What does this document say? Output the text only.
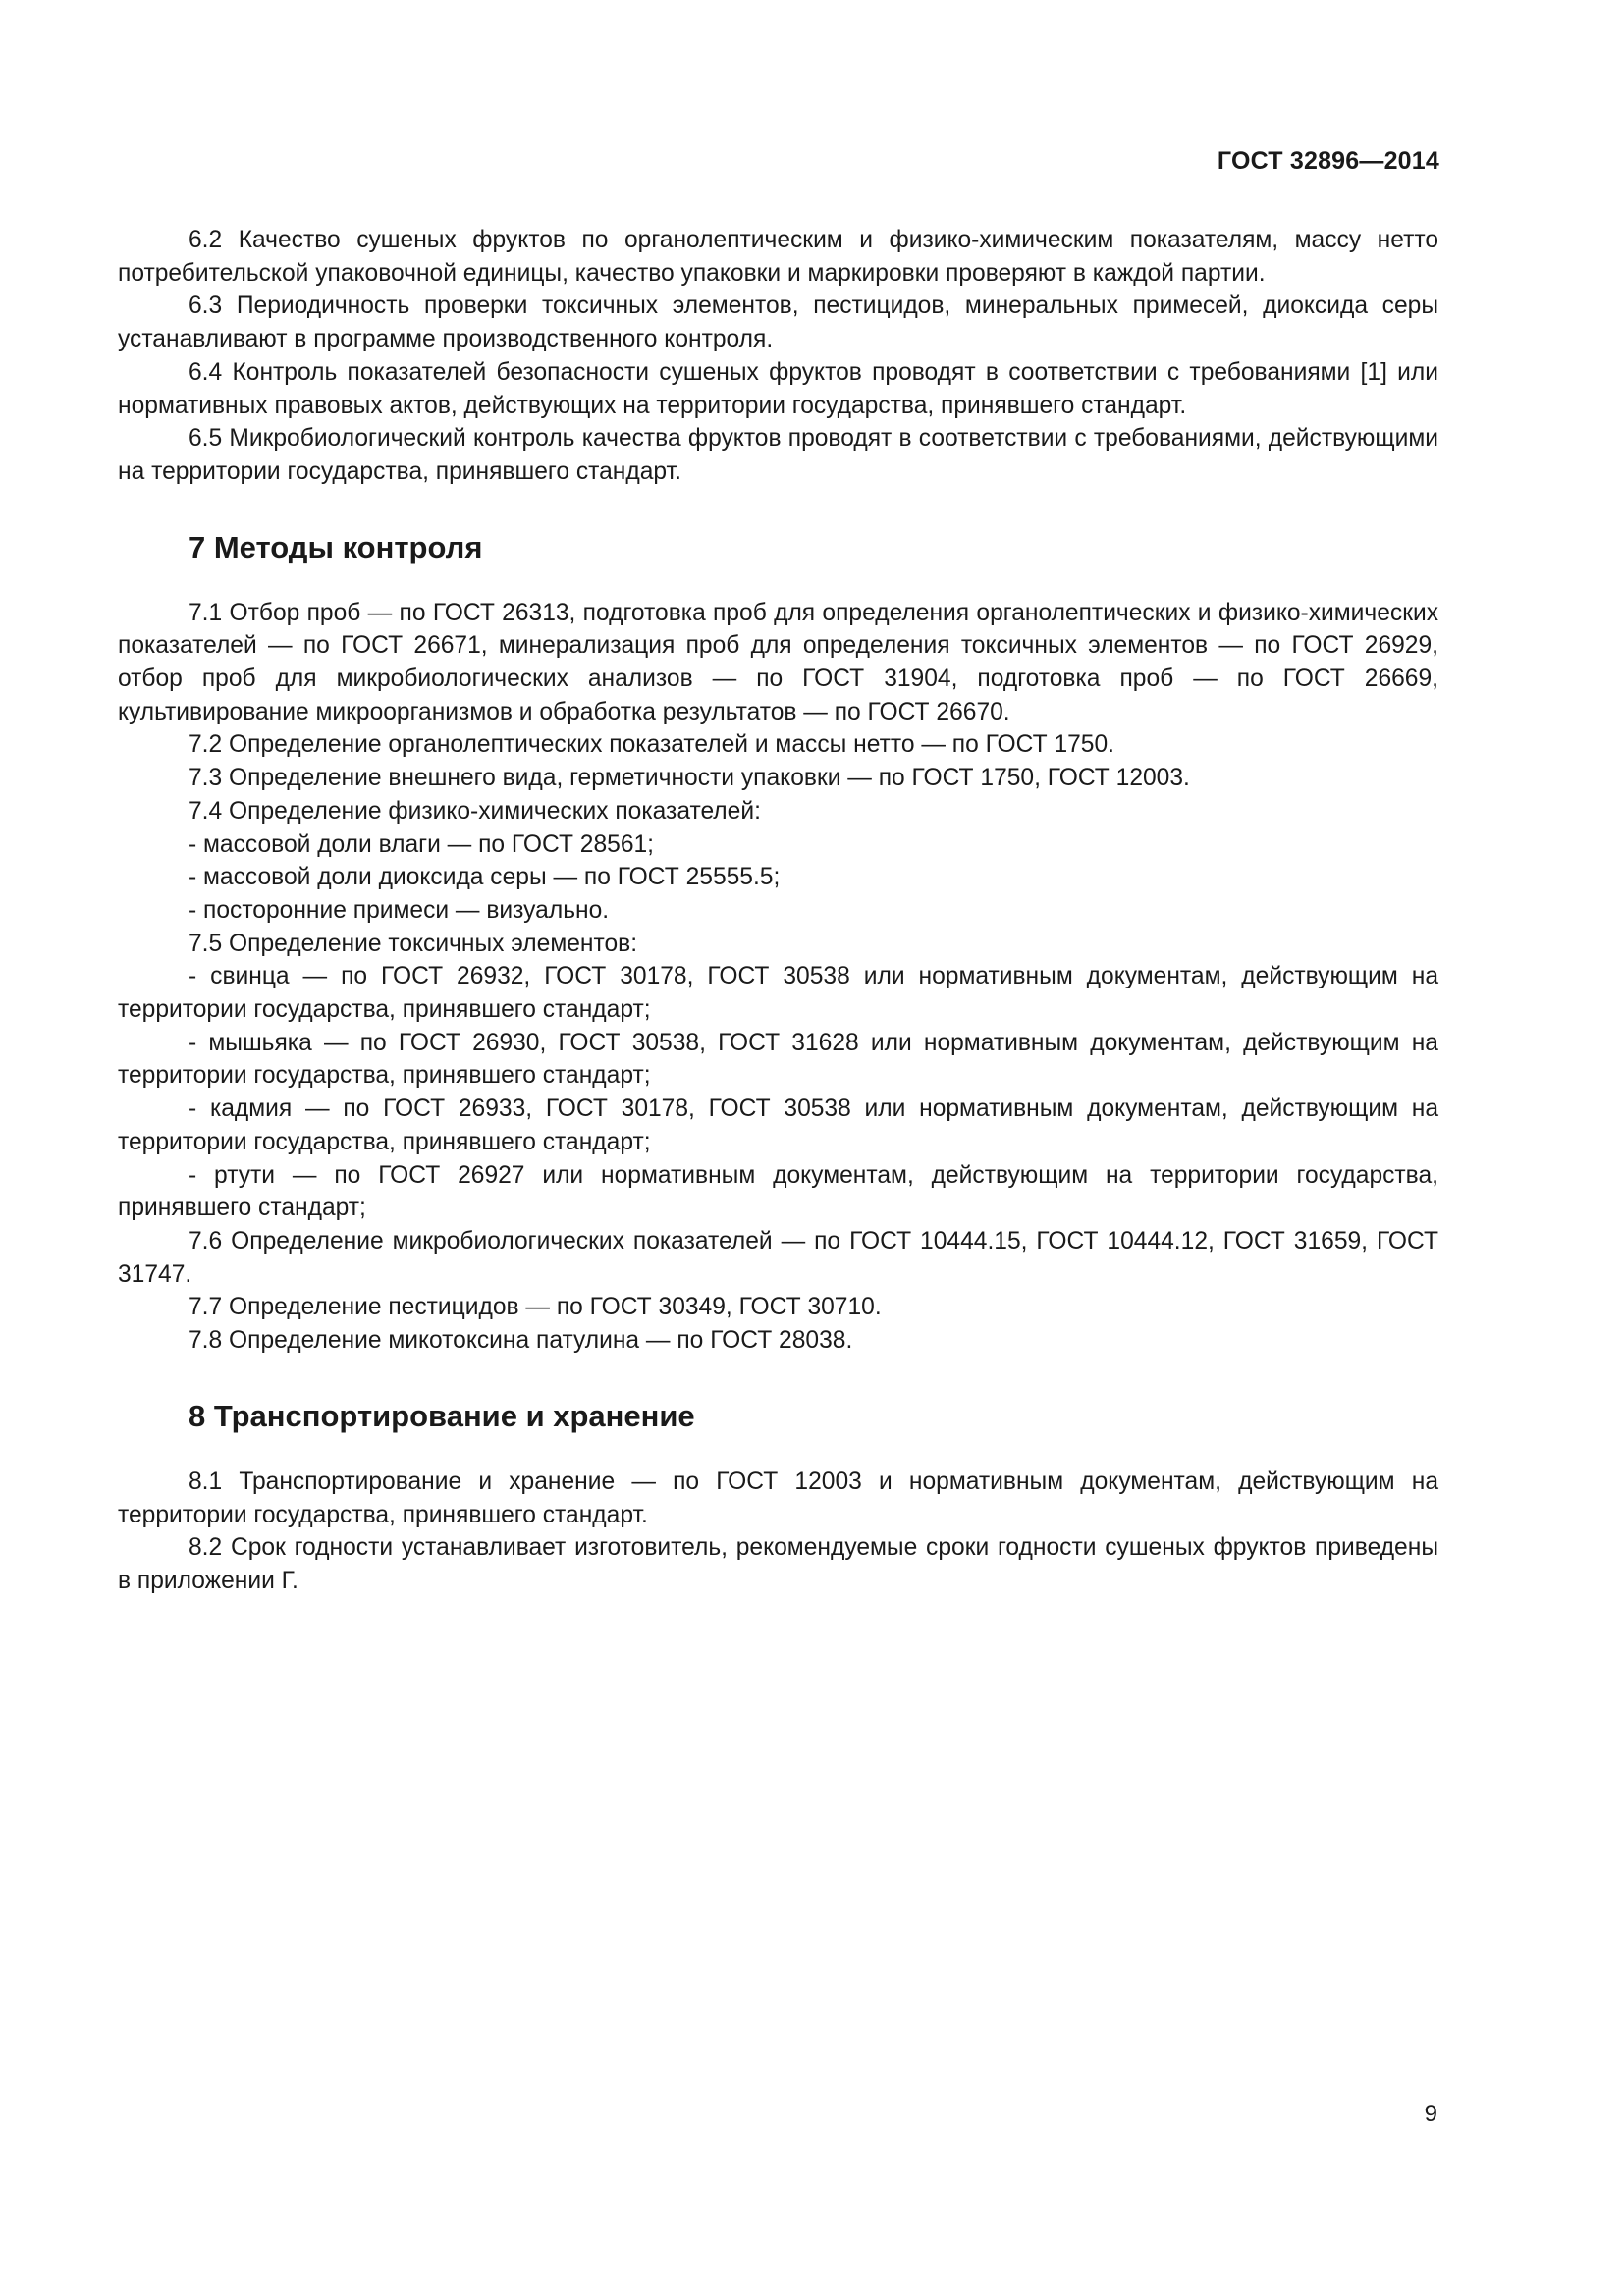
ГОСТ 32896—2014

6.2 Качество сушеных фруктов по органолептическим и физико-химическим показателям, массу нетто потребительской упаковочной единицы, качество упаковки и маркировки проверяют в каждой партии.

6.3 Периодичность проверки токсичных элементов, пестицидов, минеральных примесей, диоксида серы устанавливают в программе производственного контроля.

6.4 Контроль показателей безопасности сушеных фруктов проводят в соответствии с требованиями [1] или нормативных правовых актов, действующих на территории государства, принявшего стандарт.

6.5 Микробиологический контроль качества фруктов проводят в соответствии с требованиями, действующими на территории государства, принявшего стандарт.

7 Методы контроля

7.1 Отбор проб — по ГОСТ 26313, подготовка проб для определения органолептических и физико-химических показателей — по ГОСТ 26671, минерализация проб для определения токсичных элементов — по ГОСТ 26929, отбор проб для микробиологических анализов — по ГОСТ 31904, подготовка проб — по ГОСТ 26669, культивирование микроорганизмов и обработка результатов — по ГОСТ 26670.

7.2 Определение органолептических показателей и массы нетто — по ГОСТ 1750.

7.3 Определение внешнего вида, герметичности упаковки — по ГОСТ 1750, ГОСТ 12003.

7.4 Определение физико-химических показателей:

- массовой доли влаги — по ГОСТ 28561;

- массовой доли диоксида серы — по ГОСТ 25555.5;

- посторонние примеси — визуально.

7.5 Определение токсичных элементов:

- свинца — по ГОСТ 26932, ГОСТ 30178, ГОСТ 30538 или нормативным документам, действующим на территории государства, принявшего стандарт;

- мышьяка — по ГОСТ 26930, ГОСТ 30538, ГОСТ 31628 или нормативным документам, действующим на территории государства, принявшего стандарт;

- кадмия — по ГОСТ 26933, ГОСТ 30178, ГОСТ 30538 или нормативным документам, действующим на территории государства, принявшего стандарт;

- ртути — по ГОСТ 26927 или нормативным документам, действующим на территории государства, принявшего стандарт;

7.6 Определение микробиологических показателей — по ГОСТ 10444.15, ГОСТ 10444.12, ГОСТ 31659, ГОСТ 31747.

7.7 Определение пестицидов — по ГОСТ 30349, ГОСТ 30710.

7.8 Определение микотоксина патулина — по ГОСТ 28038.

8 Транспортирование и хранение

8.1 Транспортирование и хранение — по ГОСТ 12003 и нормативным документам, действующим на территории государства, принявшего стандарт.

8.2 Срок годности устанавливает изготовитель, рекомендуемые сроки годности сушеных фруктов приведены в приложении Г.

9
